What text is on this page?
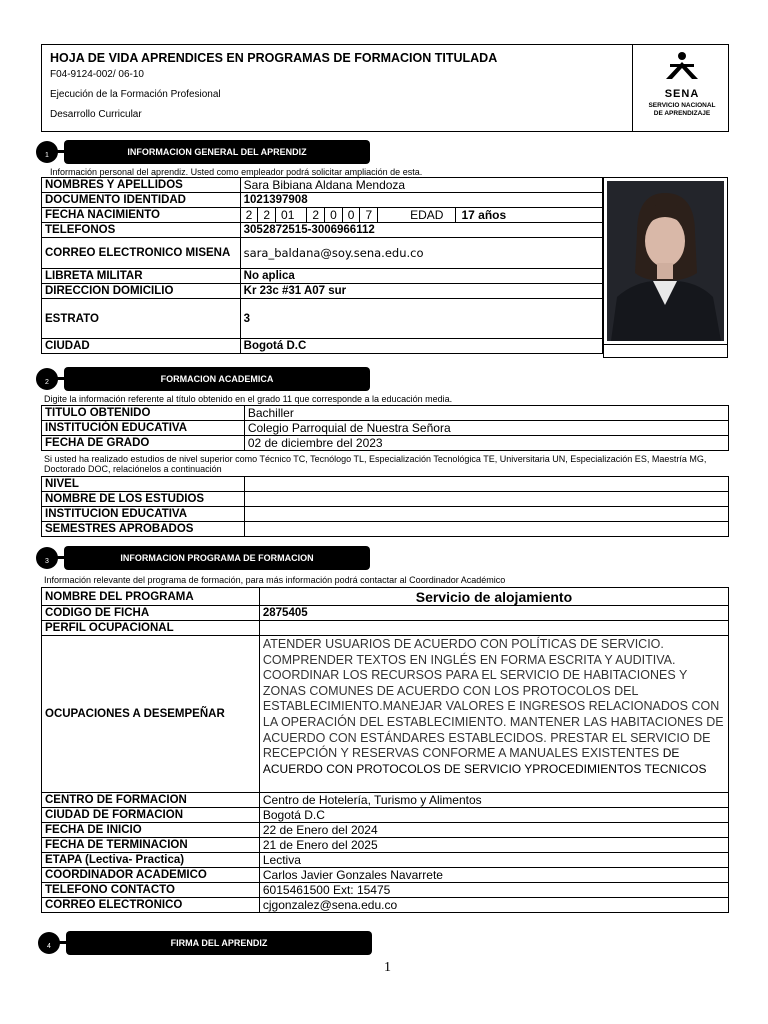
HOJA DE VIDA APRENDICES EN PROGRAMAS DE FORMACION TITULADA
F04-9124-002/ 06-10
Ejecución de la Formación Profesional
Desarrollo Curricular
SENA
SERVICIO NACIONAL
DE APRENDIZAJE
1	INFORMACION GENERAL DEL APRENDIZ
Información personal del aprendiz. Usted como empleador podrá solicitar ampliación de esta.
NOMBRES Y APELLIDOS	Sara Bibiana Aldana Mendoza
DOCUMENTO IDENTIDAD	1021397908
FECHA NACIMIENTO	2 2 01 2 0 0 7 EDAD 17 años

TELEFONOS	3052872515-3006966112
CORREO ELECTRONICO MISENA	sara_baldana@soy.sena.edu.co
LIBRETA MILITAR	No aplica
DIRECCION DOMICILIO	Kr 23c #31 A07 sur
ESTRATO	3
CIUDAD	Bogotá D.C
2	FORMACION ACADEMICA
Digite la información referente al título obtenido en el grado 11 que corresponde a la educación media.
TITULO OBTENIDO	Bachiller
INSTITUCIÓN EDUCATIVA	Colegio Parroquial de Nuestra Señora
FECHA DE GRADO	02 de diciembre del 2023
Si usted ha realizado estudios de nivel superior como Técnico TC, Tecnólogo TL, Especialización Tecnológica TE, Universitaria UN, Especialización ES, Maestría MG, Doctorado DOC, relaciónelos a continuación
NIVEL	
NOMBRE DE LOS ESTUDIOS	
INSTITUCION EDUCATIVA	
SEMESTRES APROBADOS	
3	INFORMACION PROGRAMA DE FORMACION
Información relevante del programa de formación, para más información podrá contactar al Coordinador Académico
NOMBRE DEL PROGRAMA	Servicio de alojamiento
CODIGO DE FICHA	2875405
PERFIL OCUPACIONAL	
OCUPACIONES A DESEMPEÑAR	ATENDER USUARIOS DE ACUERDO CON POLÍTICAS DE SERVICIO. COMPRENDER TEXTOS EN INGLÉS EN FORMA ESCRITA Y AUDITIVA. COORDINAR LOS RECURSOS PARA EL SERVICIO DE HABITACIONES Y ZONAS COMUNES DE ACUERDO CON LOS PROTOCOLOS DEL ESTABLECIMIENTO.MANEJAR VALORES E INGRESOS RELACIONADOS CON LA OPERACIÓN DEL ESTABLECIMIENTO. MANTENER LAS HABITACIONES DE ACUERDO CON ESTÁNDARES ESTABLECIDOS. PRESTAR EL SERVICIO DE RECEPCIÓN Y RESERVAS CONFORME A MANUALES EXISTENTES DE ACUERDO CON PROTOCOLOS DE SERVICIO YPROCEDIMIENTOS TECNICOS
CENTRO DE FORMACION	Centro de Hotelería, Turismo y Alimentos
CIUDAD DE FORMACION	Bogotá D.C
FECHA DE INICIO	22 de Enero del 2024
FECHA DE TERMINACION	21 de Enero del 2025
ETAPA (Lectiva- Practica)	Lectiva
COORDINADOR ACADEMICO	Carlos Javier Gonzales Navarrete
TELEFONO CONTACTO	6015461500 Ext: 15475
CORREO ELECTRONICO	cjgonzalez@sena.edu.co
4	FIRMA DEL APRENDIZ
1
